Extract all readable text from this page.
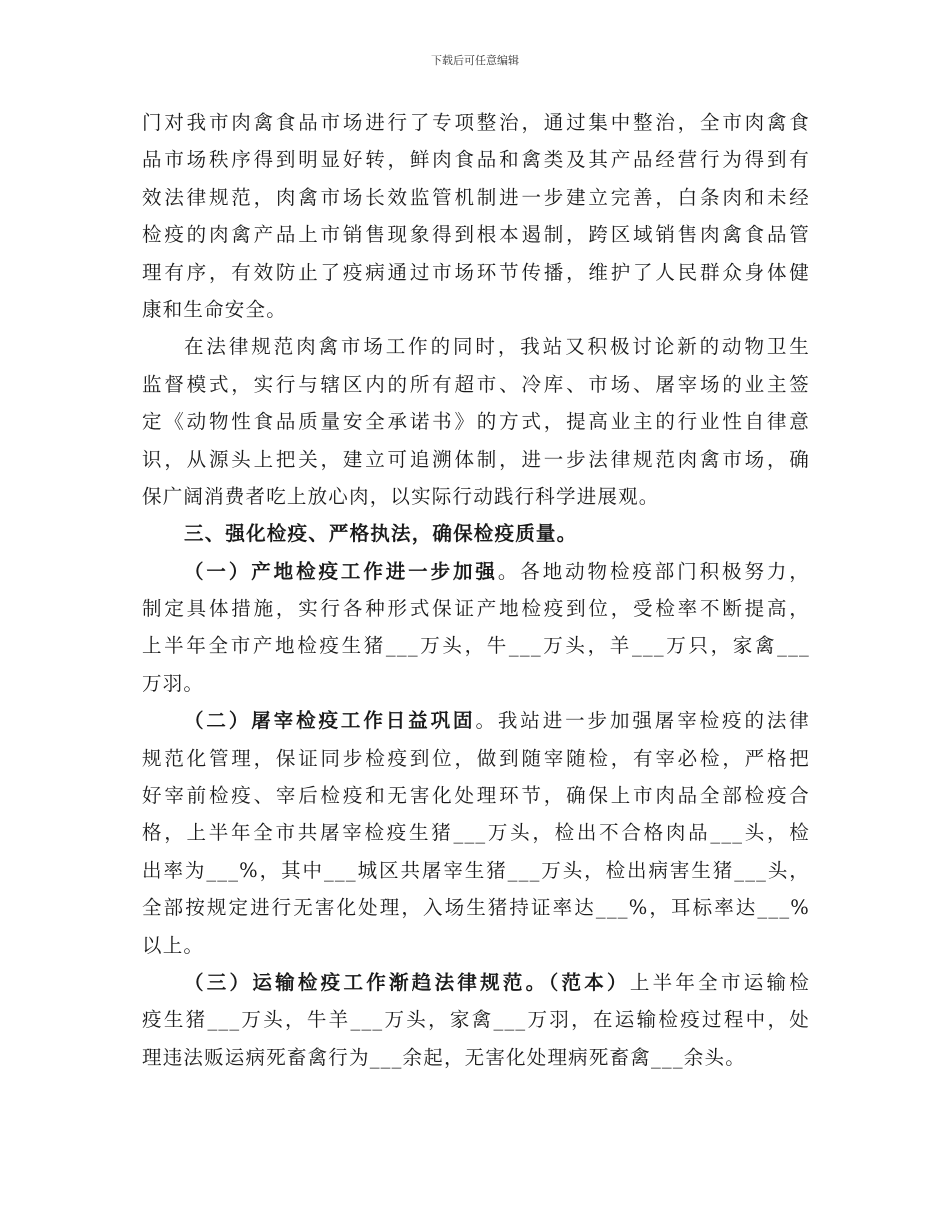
下载后可任意编辑
门对我市肉禽食品市场进行了专项整治，通过集中整治，全市肉禽食
品市场秩序得到明显好转，鲜肉食品和禽类及其产品经营行为得到有
效法律规范，肉禽市场长效监管机制进一步建立完善，白条肉和未经
检疫的肉禽产品上市销售现象得到根本遏制，跨区域销售肉禽食品管
理有序，有效防止了疫病通过市场环节传播，维护了人民群众身体健
康和生命安全。
在法律规范肉禽市场工作的同时，我站又积极讨论新的动物卫生
监督模式，实行与辖区内的所有超市、冷库、市场、屠宰场的业主签
定《动物性食品质量安全承诺书》的方式，提高业主的行业性自律意
识，从源头上把关，建立可追溯体制，进一步法律规范肉禽市场，确
保广阔消费者吃上放心肉，以实际行动践行科学进展观。
三、强化检疫、严格执法，确保检疫质量。
（一）产地检疫工作进一步加强。各地动物检疫部门积极努力，
制定具体措施，实行各种形式保证产地检疫到位，受检率不断提高，
上半年全市产地检疫生猪___万头，牛___万头，羊___万只，家禽___
万羽。
（二）屠宰检疫工作日益巩固。我站进一步加强屠宰检疫的法律
规范化管理，保证同步检疫到位，做到随宰随检，有宰必检，严格把
好宰前检疫、宰后检疫和无害化处理环节，确保上市肉品全部检疫合
格，上半年全市共屠宰检疫生猪___万头，检出不合格肉品___头，检
出率为___%，其中___城区共屠宰生猪___万头，检出病害生猪___头，
全部按规定进行无害化处理，入场生猪持证率达___%，耳标率达___%
以上。
（三）运输检疫工作渐趋法律规范。（范本）上半年全市运输检
疫生猪___万头，牛羊___万头，家禽___万羽，在运输检疫过程中，处
理违法贩运病死畜禽行为___余起，无害化处理病死畜禽___余头。
